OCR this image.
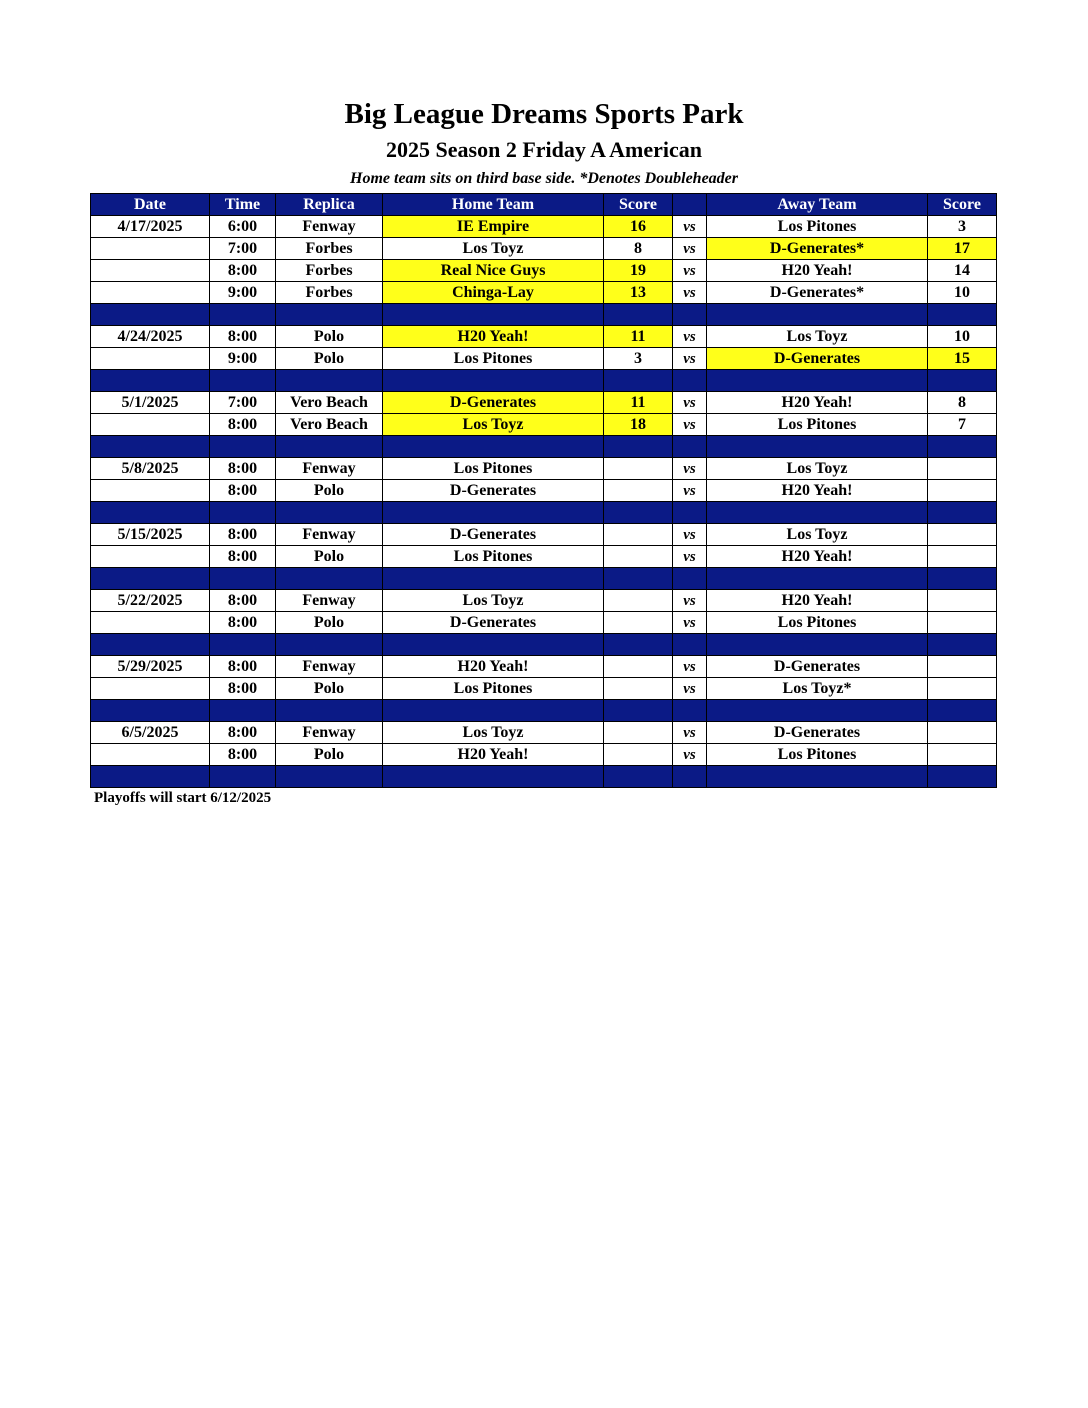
Big League Dreams Sports Park
2025 Season 2 Friday A American
Home team sits on third base side. *Denotes Doubleheader
Date	Time	Replica	Home Team	Score		Away Team	Score
4/17/2025	6:00	Fenway	IE Empire	16	vs	Los Pitones	3
	7:00	Forbes	Los Toyz	8	vs	D-Generates*	17
	8:00	Forbes	Real Nice Guys	19	vs	H20 Yeah!	14
	9:00	Forbes	Chinga-Lay	13	vs	D-Generates*	10

4/24/2025	8:00	Polo	H20 Yeah!	11	vs	Los Toyz	10
	9:00	Polo	Los Pitones	3	vs	D-Generates	15

5/1/2025	7:00	Vero Beach	D-Generates	11	vs	H20 Yeah!	8
	8:00	Vero Beach	Los Toyz	18	vs	Los Pitones	7

5/8/2025	8:00	Fenway	Los Pitones		vs	Los Toyz	
	8:00	Polo	D-Generates		vs	H20 Yeah!	

5/15/2025	8:00	Fenway	D-Generates		vs	Los Toyz	
	8:00	Polo	Los Pitones		vs	H20 Yeah!	

5/22/2025	8:00	Fenway	Los Toyz		vs	H20 Yeah!	
	8:00	Polo	D-Generates		vs	Los Pitones	

5/29/2025	8:00	Fenway	H20 Yeah!		vs	D-Generates	
	8:00	Polo	Los Pitones		vs	Los Toyz*	

6/5/2025	8:00	Fenway	Los Toyz		vs	D-Generates	
	8:00	Polo	H20 Yeah!		vs	Los Pitones	

Playoffs will start 6/12/2025
